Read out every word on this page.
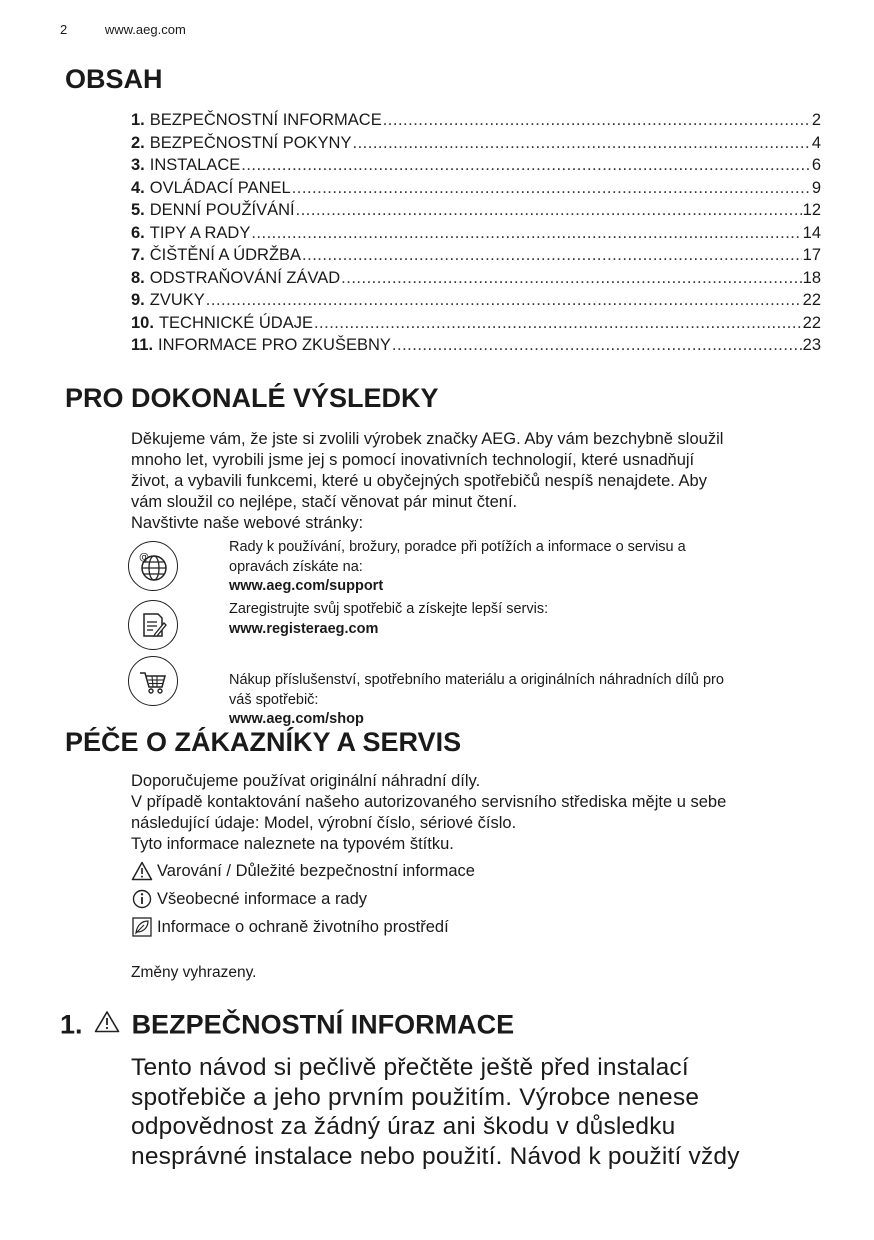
2	www.aeg.com
OBSAH
1. BEZPEČNOSTNÍ INFORMACE .....	2
2. BEZPEČNOSTNÍ POKYNY .....	4
3. INSTALACE .....	6
4. OVLÁDACÍ PANEL .....	9
5. DENNÍ POUŽÍVÁNÍ .....	12
6. TIPY A RADY .....	14
7. ČIŠTĚNÍ A ÚDRŽBA .....	17
8. ODSTRAŇOVÁNÍ ZÁVAD .....	18
9. ZVUKY .....	22
10. TECHNICKÉ ÚDAJE .....	22
11. INFORMACE PRO ZKUŠEBNY .....	23
PRO DOKONALÉ VÝSLEDKY
Děkujeme vám, že jste si zvolili výrobek značky AEG. Aby vám bezchybně sloužil
mnoho let, vyrobili jsme jej s pomocí inovativních technologií, které usnadňují
život, a vybavili funkcemi, které u obyčejných spotřebičů nespíš nenajdete. Aby
vám sloužil co nejlépe, stačí věnovat pár minut čtení.
Navštivte naše webové stránky:
@
Rady k používání, brožury, poradce při potížích a informace o servisu a
opravách získáte na:
www.aeg.com/support
Zaregistrujte svůj spotřebič a získejte lepší servis:
www.registeraeg.com
Nákup příslušenství, spotřebního materiálu a originálních náhradních dílů pro
váš spotřebič:
www.aeg.com/shop
PÉČE O ZÁKAZNÍKY A SERVIS
Doporučujeme používat originální náhradní díly.
V případě kontaktování našeho autorizovaného servisního střediska mějte u sebe
následující údaje: Model, výrobní číslo, sériové číslo.
Tyto informace naleznete na typovém štítku.
Varování / Důležité bezpečnostní informace
Všeobecné informace a rady
Informace o ochraně životního prostředí
Změny vyhrazeny.
1. BEZPEČNOSTNÍ INFORMACE
Tento návod si pečlivě přečtěte ještě před instalací
spotřebiče a jeho prvním použitím. Výrobce nenese
odpovědnost za žádný úraz ani škodu v důsledku
nesprávné instalace nebo použití. Návod k použití vždy
